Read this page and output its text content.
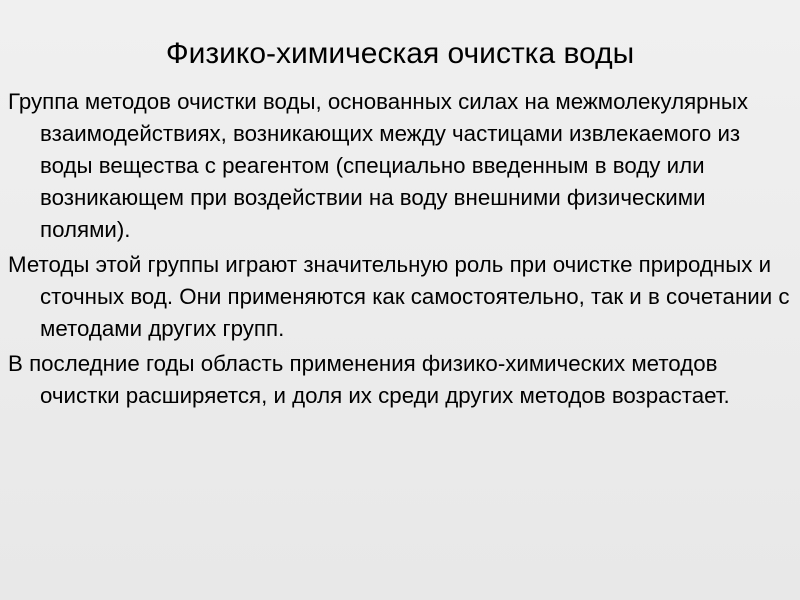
Физико-химическая очистка воды
Группа методов очистки воды, основанных силах на межмолекулярных взаимодействиях, возникающих между частицами извлекаемого из воды вещества с реагентом (специально введенным в воду или возникающем при воздействии на воду внешними физическими полями).
Методы этой группы играют значительную роль при очистке природных и сточных вод. Они применяются как самостоятельно, так и в сочетании с методами других групп.
В последние годы область применения физико-химических методов очистки расширяется, и доля их среди других методов возрастает.
